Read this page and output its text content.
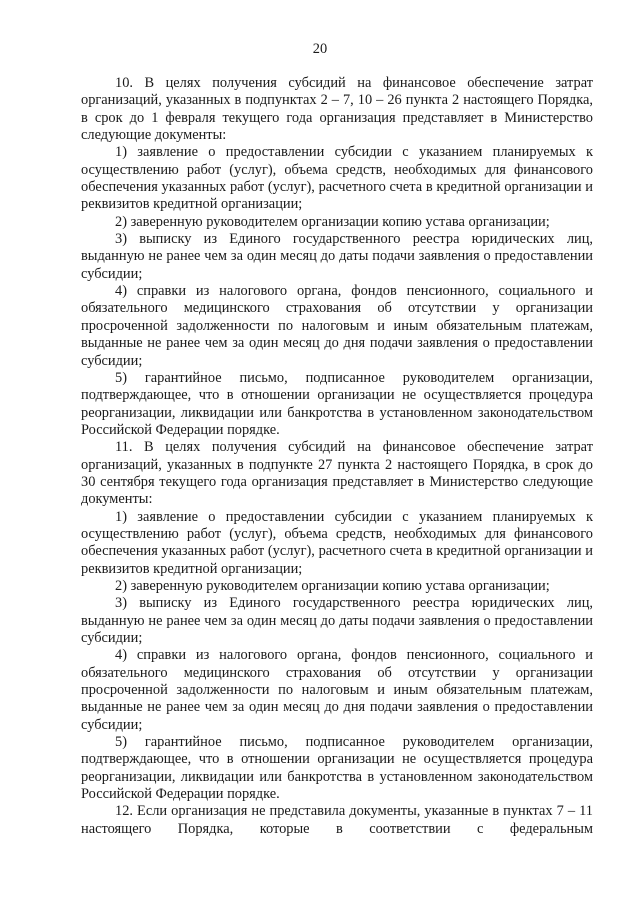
20

10. В целях получения субсидий на финансовое обеспечение затрат организаций, указанных в подпунктах 2 – 7, 10 – 26 пункта 2 настоящего Порядка, в срок до 1 февраля текущего года организация представляет в Министерство следующие документы:

1) заявление о предоставлении субсидии с указанием планируемых к осуществлению работ (услуг), объема средств, необходимых для финансового обеспечения указанных работ (услуг), расчетного счета в кредитной организации и реквизитов кредитной организации;

2) заверенную руководителем организации копию устава организации;

3) выписку из Единого государственного реестра юридических лиц, выданную не ранее чем за один месяц до даты подачи заявления о предоставлении субсидии;

4) справки из налогового органа, фондов пенсионного, социального и обязательного медицинского страхования об отсутствии у организации просроченной задолженности по налоговым и иным обязательным платежам, выданные не ранее чем за один месяц до дня подачи заявления о предоставлении субсидии;

5) гарантийное письмо, подписанное руководителем организации, подтверждающее, что в отношении организации не осуществляется процедура реорганизации, ликвидации или банкротства в установленном законодательством Российской Федерации порядке.

11. В целях получения субсидий на финансовое обеспечение затрат организаций, указанных в подпункте 27 пункта 2 настоящего Порядка, в срок до 30 сентября текущего года организация представляет в Министерство следующие документы:

1) заявление о предоставлении субсидии с указанием планируемых к осуществлению работ (услуг), объема средств, необходимых для финансового обеспечения указанных работ (услуг), расчетного счета в кредитной организации и реквизитов кредитной организации;

2) заверенную руководителем организации копию устава организации;

3) выписку из Единого государственного реестра юридических лиц, выданную не ранее чем за один месяц до даты подачи заявления о предоставлении субсидии;

4) справки из налогового органа, фондов пенсионного, социального и обязательного медицинского страхования об отсутствии у организации просроченной задолженности по налоговым и иным обязательным платежам, выданные не ранее чем за один месяц до дня подачи заявления о предоставлении субсидии;

5) гарантийное письмо, подписанное руководителем организации, подтверждающее, что в отношении организации не осуществляется процедура реорганизации, ликвидации или банкротства в установленном законодательством Российской Федерации порядке.

12. Если организация не представила документы, указанные в пунктах 7 – 11 настоящего Порядка, которые в соответствии с федеральным
